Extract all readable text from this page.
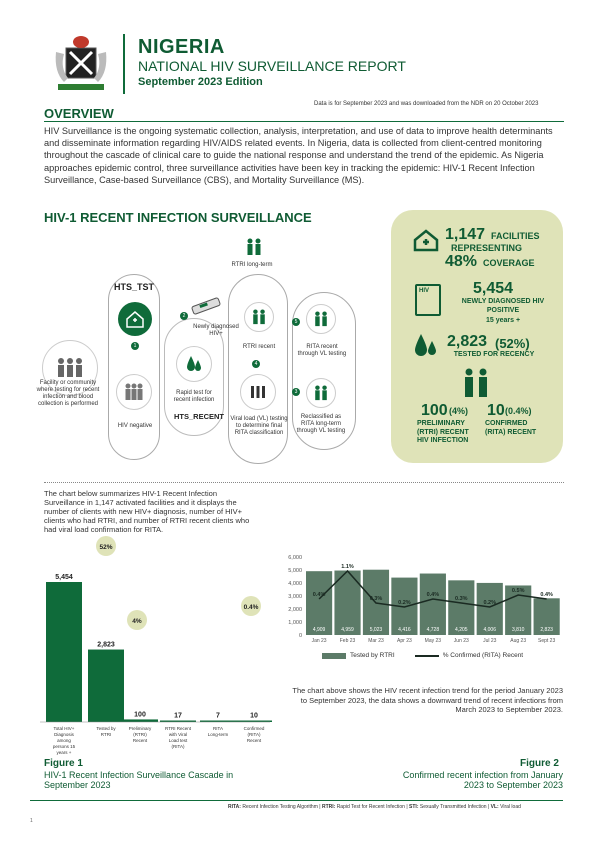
NIGERIA
NATIONAL HIV SURVEILLANCE REPORT
September 2023 Edition
OVERVIEW
Data is for September 2023 and was downloaded from the NDR on 20 October 2023
HIV Surveillance is the ongoing systematic collection, analysis, interpretation, and use of data to improve health determinants and disseminate information regarding HIV/AIDS related events. In Nigeria, data is collected from client-centred monitoring throughout the cascade of clinical care to guide the national response and understand the trend of the epidemic. As Nigeria approaches epidemic control, three surveillance activities have been key in tracking the epidemic: HIV-1 Recent Infection Surveillance, Case-based Surveillance (CBS), and Mortality Surveillance (MS).
HIV-1 RECENT INFECTION SURVEILLANCE
HTS_TST
1
Facility or community where testing for recent infection and blood collection is performed
HIV negative
2
Newly diagnosed HIV+
Rapid test for recent infection
HTS_RECENT
RTRI long-term
RTRI recent
4
Viral load (VL) testing to determine final RITA classification
3
5
RITA recent through VL testing
Reclassified as RITA long-term through VL testing
1,147 FACILITIES
REPRESENTING
48% COVERAGE
HIV	5,454
NEWLY DIAGNOSED HIV POSITIVE
15 years +
2,823 (52%)
TESTED FOR RECENCY
100 (4%)
PRELIMINARY (RTRI) RECENT HIV INFECTION
10 (0.4%)
CONFIRMED (RITA) RECENT
The chart below summarizes HIV-1 Recent Infection Surveillance in 1,147 activated facilities and it displays the number of clients with new HIV+ diagnosis, number of HIV+ clients who had RTRI, and number of RTRI recent clients who had viral load confirmation for RITA.
5,454
Total HIV+
Diagnosis
among
persons 15
years +
2,823
Tested by
RTRI
100
Preliminary
(RTRI)
Recent
17
RTRI Recent
with Viral
Load test
(RITA)
7
RITA
Long-term
10
Confirmed
(RITA)
Recent
52%
4%
0.4%
Figure 1
HIV-1 Recent Infection Surveillance Cascade in September 2023
0
1,000
2,000
3,000
4,000
5,000
6,000
4,909
Jan 23
4,959
Feb 23
5,023
Mar 23
4,416
Apr 23
4,728
May 23
4,205
Jun 23
4,006
Jul 23
3,810
Aug 23
2,823
Sept 23
0.4%
1.1%
0.3%
0.2%
0.4%
0.3%
0.2%
0.5%
0.4%
Tested by RTRI	% Confirmed (RITA) Recent
The chart above shows the HIV recent infection trend for the period January 2023 to September 2023, the data shows a downward trend of recent infections from March 2023 to September 2023.
Figure 2
Confirmed recent infection from January 2023 to September 2023
RITA: Recent Infection Testing Algorithm | RTRI: Rapid Test for Recent Infection | STI: Sexually Transmitted Infection | VL: Viral load
1
